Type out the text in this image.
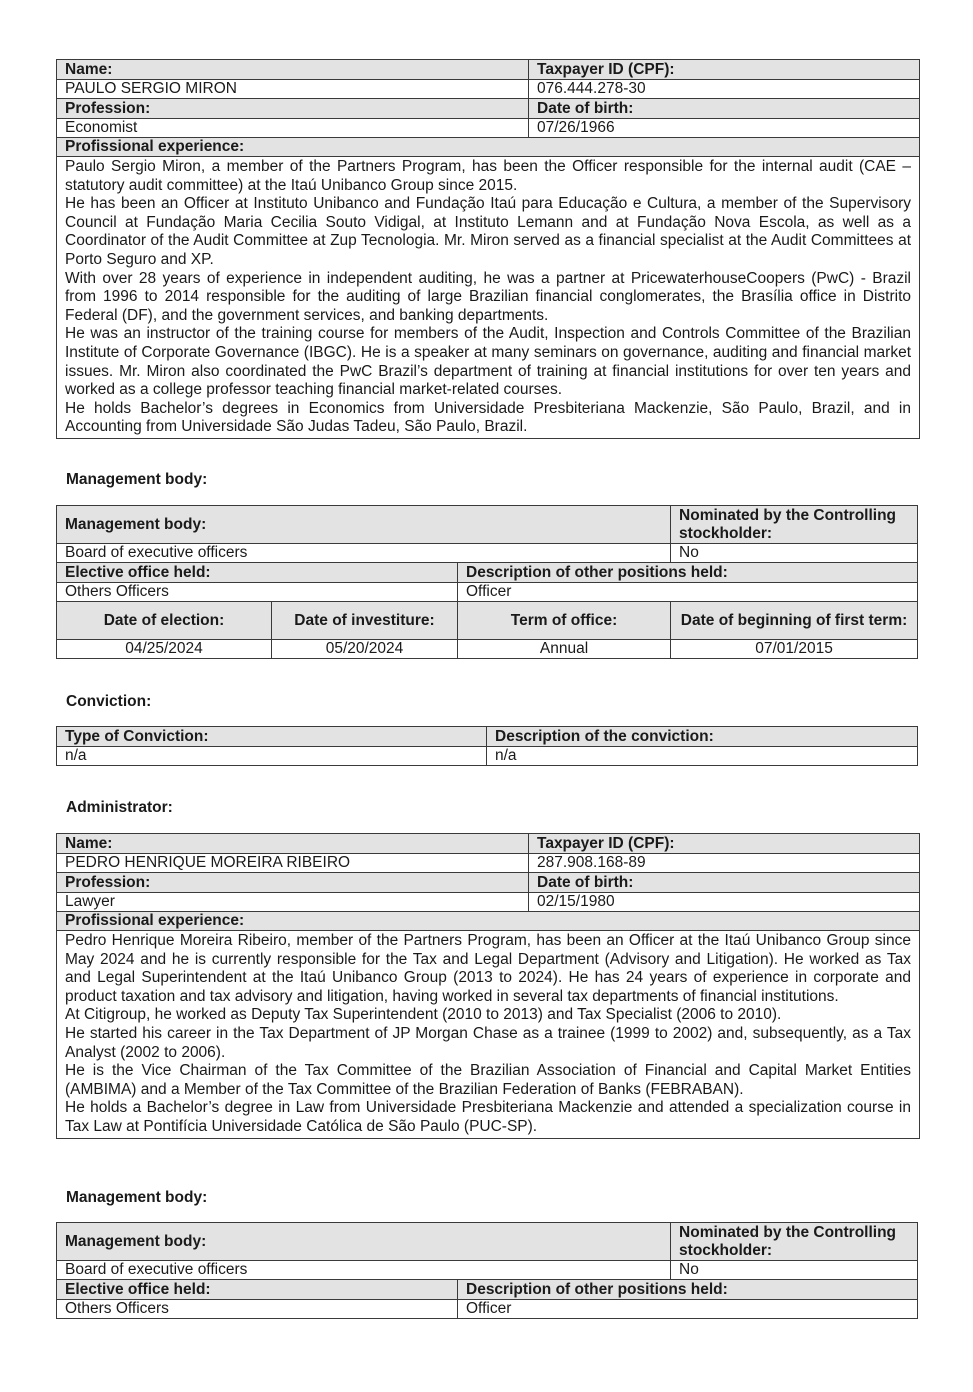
Name:	Taxpayer ID (CPF):
PAULO SERGIO MIRON	076.444.278-30
Profession:	Date of birth:
Economist	07/26/1966
Profissional experience:	

Paulo Sergio Miron, a member of the Partners Program, has been the Officer responsible for the internal audit (CAE – statutory audit committee) at the Itaú Unibanco Group since 2015.

He has been an Officer at Instituto Unibanco and Fundação Itaú para Educação e Cultura, a member of the Supervisory Council at Fundação Maria Cecilia Souto Vidigal, at Instituto Lemann and at Fundação Nova Escola, as well as a Coordinator of the Audit Committee at Zup Tecnologia. Mr. Miron served as a financial specialist at the Audit Committees at Porto Seguro and XP.

With over 28 years of experience in independent auditing, he was a partner at PricewaterhouseCoopers (PwC) - Brazil from 1996 to 2014 responsible for the auditing of large Brazilian financial conglomerates, the Brasília office in Distrito Federal (DF), and the government services, and banking departments.

He was an instructor of the training course for members of the Audit, Inspection and Controls Committee of the Brazilian Institute of Corporate Governance (IBGC). He is a speaker at many seminars on governance, auditing and financial market issues. Mr. Miron also coordinated the PwC Brazil’s department of training at financial institutions for over ten years and worked as a college professor teaching financial market-related courses.

He holds Bachelor’s degrees in Economics from Universidade Presbiteriana Mackenzie, São Paulo, Brazil, and in Accounting from Universidade São Judas Tadeu, São Paulo, Brazil.	

Management body:
Management body:			Nominated by the Controlling stockholder:
Board of executive officers			No
Elective office held:		Description of other positions held:	
Others Officers		Officer	
Date of election:	Date of investiture:	Term of office:	Date of beginning of first term:
04/25/2024	05/20/2024	Annual	07/01/2015
Conviction:
Type of Conviction:	Description of the conviction:
n/a	n/a
Administrator:
Name:	Taxpayer ID (CPF):
PEDRO HENRIQUE MOREIRA RIBEIRO	287.908.168-89
Profession:	Date of birth:
Lawyer	02/15/1980
Profissional experience:	

Pedro Henrique Moreira Ribeiro, member of the Partners Program, has been an Officer at the Itaú Unibanco Group since May 2024 and he is currently responsible for the Tax and Legal Department (Advisory and Litigation). He worked as Tax and Legal Superintendent at the Itaú Unibanco Group (2013 to 2024). He has 24 years of experience in corporate and product taxation and tax advisory and litigation, having worked in several tax departments of financial institutions.

At Citigroup, he worked as Deputy Tax Superintendent (2010 to 2013) and Tax Specialist (2006 to 2010).

He started his career in the Tax Department of JP Morgan Chase as a trainee (1999 to 2002) and, subsequently, as a Tax Analyst (2002 to 2006).

He is the Vice Chairman of the Tax Committee of the Brazilian Association of Financial and Capital Market Entities (AMBIMA) and a Member of the Tax Committee of the Brazilian Federation of Banks (FEBRABAN).

He holds a Bachelor’s degree in Law from Universidade Presbiteriana Mackenzie and attended a specialization course in Tax Law at Pontifícia Universidade Católica de São Paulo (PUC-SP).	

Management body:
Management body:		Nominated by the Controlling stockholder:
Board of executive officers		No
Elective office held:	Description of other positions held:	
Others Officers	Officer	
